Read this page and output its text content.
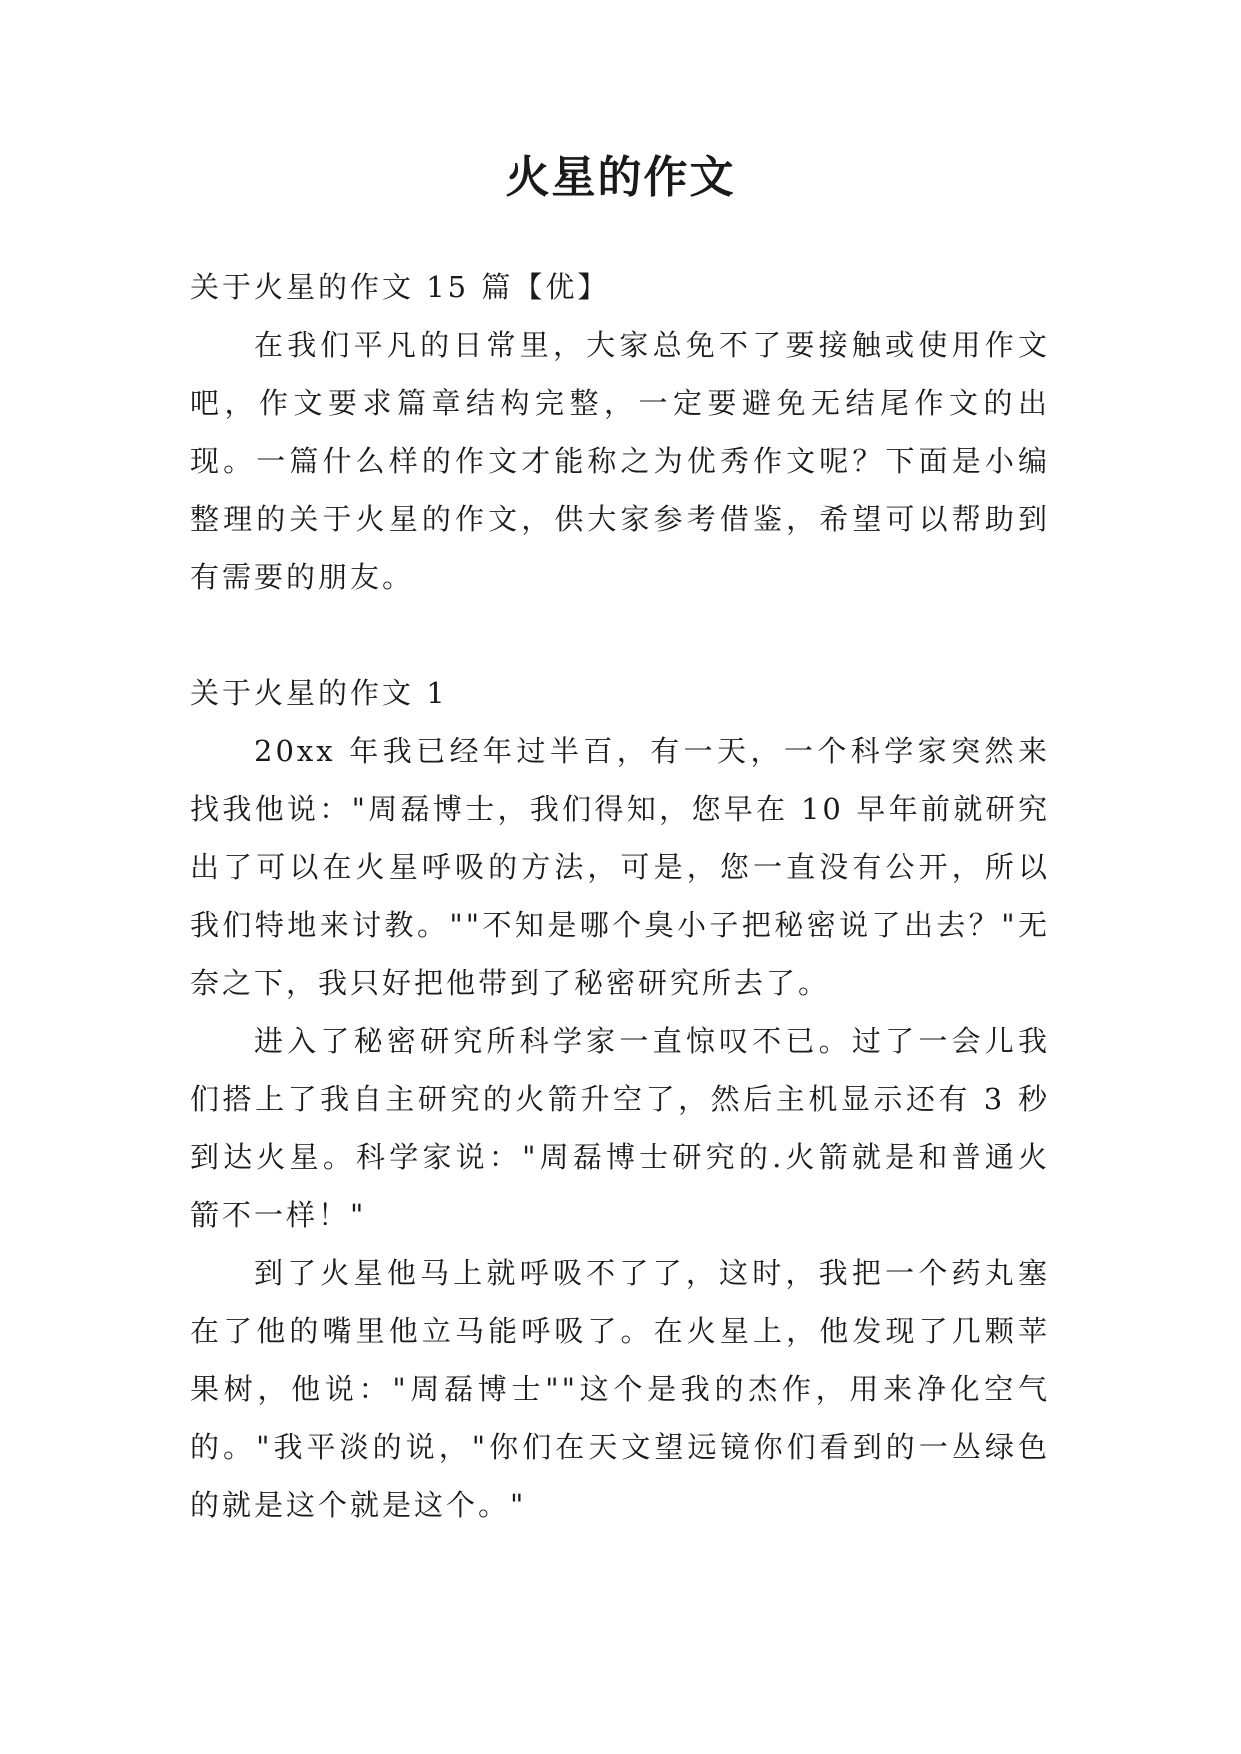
火星的作文

关于火星的作文 15 篇【优】

在我们平凡的日常里，大家总免不了要接触或使用作文吧，作文要求篇章结构完整，一定要避免无结尾作文的出现。一篇什么样的作文才能称之为优秀作文呢？下面是小编整理的关于火星的作文，供大家参考借鉴，希望可以帮助到有需要的朋友。

关于火星的作文 1

20xx 年我已经年过半百，有一天，一个科学家突然来找我他说："周磊博士，我们得知，您早在 10 早年前就研究出了可以在火星呼吸的方法，可是，您一直没有公开，所以我们特地来讨教。""不知是哪个臭小子把秘密说了出去？"无奈之下，我只好把他带到了秘密研究所去了。

进入了秘密研究所科学家一直惊叹不已。过了一会儿我们搭上了我自主研究的火箭升空了，然后主机显示还有 3 秒到达火星。科学家说："周磊博士研究的.火箭就是和普通火箭不一样！"

到了火星他马上就呼吸不了了，这时，我把一个药丸塞在了他的嘴里他立马能呼吸了。在火星上，他发现了几颗苹果树，他说："周磊博士""这个是我的杰作，用来净化空气的。"我平淡的说，"你们在天文望远镜你们看到的一丛绿色的就是这个就是这个。"
